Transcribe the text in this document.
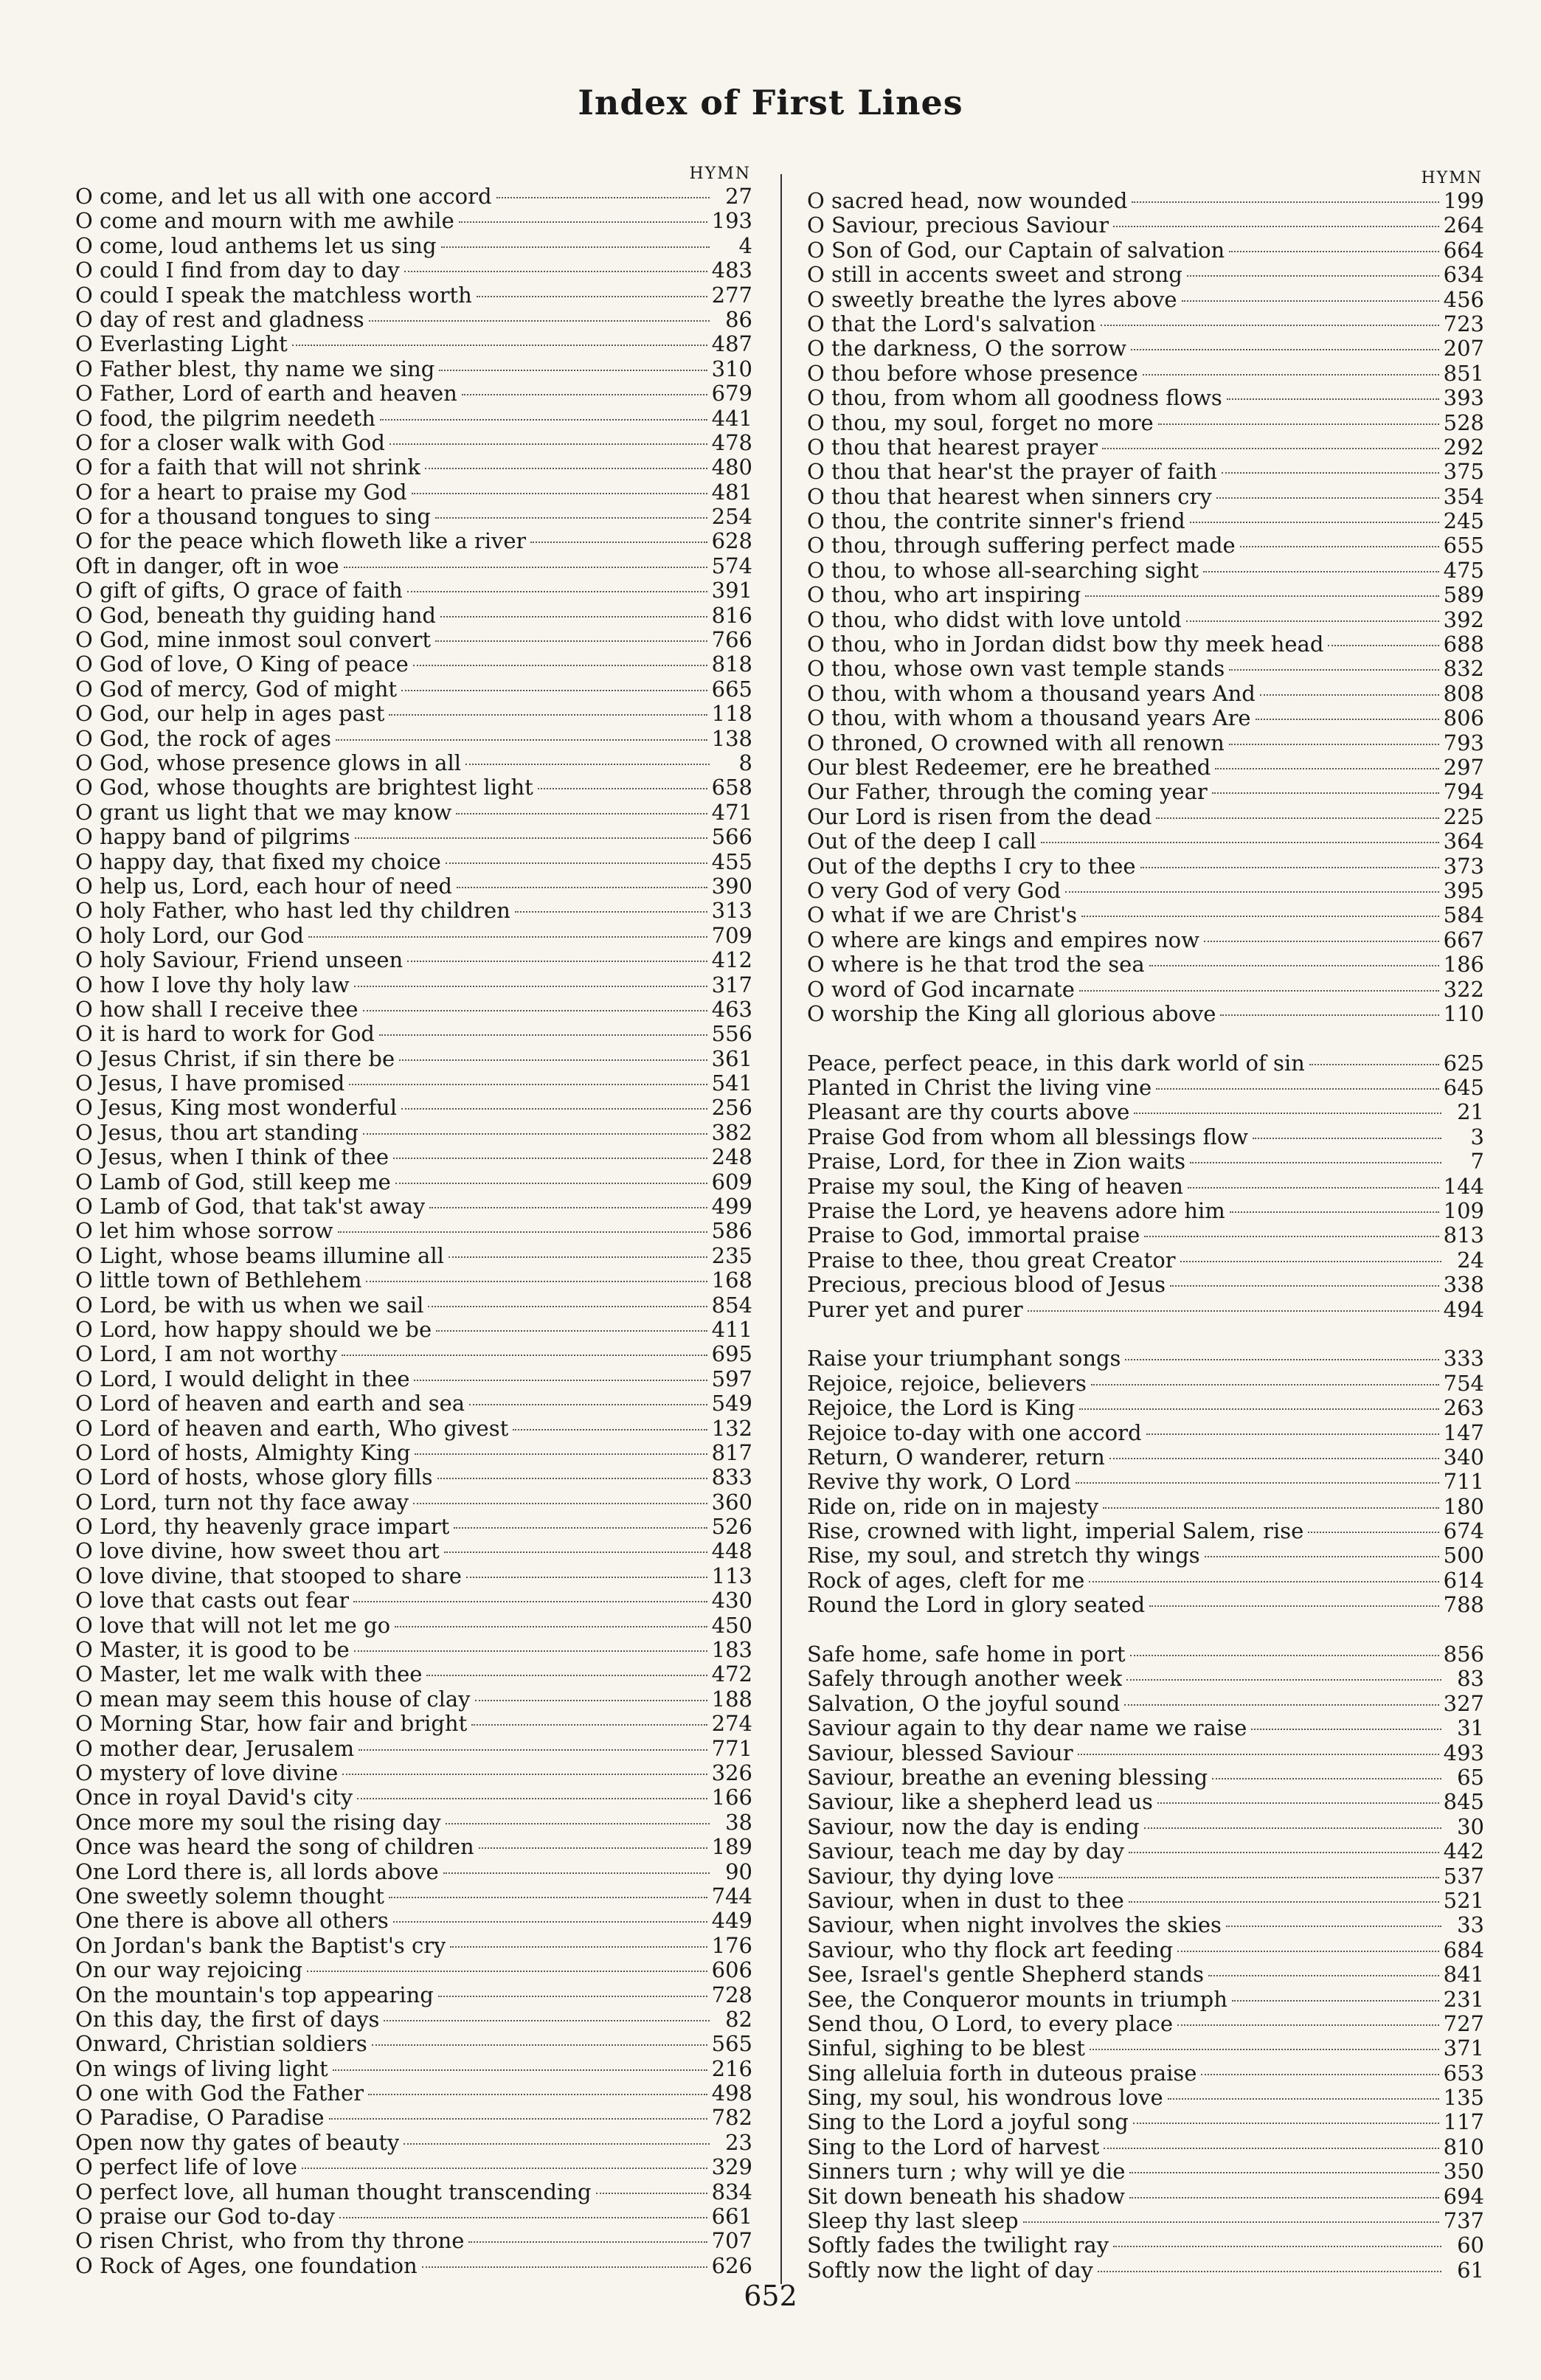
Index of First Lines
HYMN
O come, and let us all with one accord	27
O come and mourn with me awhile	193
O come, loud anthems let us sing	4
O could I find from day to day	483
O could I speak the matchless worth	277
O day of rest and gladness	86
O Everlasting Light	487
O Father blest, thy name we sing	310
O Father, Lord of earth and heaven	679
O food, the pilgrim needeth	441
O for a closer walk with God	478
O for a faith that will not shrink	480
O for a heart to praise my God	481
O for a thousand tongues to sing	254
O for the peace which floweth like a river	628
Oft in danger, oft in woe	574
O gift of gifts, O grace of faith	391
O God, beneath thy guiding hand	816
O God, mine inmost soul convert	766
O God of love, O King of peace	818
O God of mercy, God of might	665
O God, our help in ages past	118
O God, the rock of ages	138
O God, whose presence glows in all	8
O God, whose thoughts are brightest light	658
O grant us light that we may know	471
O happy band of pilgrims	566
O happy day, that fixed my choice	455
O help us, Lord, each hour of need	390
O holy Father, who hast led thy children	313
O holy Lord, our God	709
O holy Saviour, Friend unseen	412
O how I love thy holy law	317
O how shall I receive thee	463
O it is hard to work for God	556
O Jesus Christ, if sin there be	361
O Jesus, I have promised	541
O Jesus, King most wonderful	256
O Jesus, thou art standing	382
O Jesus, when I think of thee	248
O Lamb of God, still keep me	609
O Lamb of God, that tak'st away	499
O let him whose sorrow	586
O Light, whose beams illumine all	235
O little town of Bethlehem	168
O Lord, be with us when we sail	854
O Lord, how happy should we be	411
O Lord, I am not worthy	695
O Lord, I would delight in thee	597
O Lord of heaven and earth and sea	549
O Lord of heaven and earth, Who givest	132
O Lord of hosts, Almighty King	817
O Lord of hosts, whose glory fills	833
O Lord, turn not thy face away	360
O Lord, thy heavenly grace impart	526
O love divine, how sweet thou art	448
O love divine, that stooped to share	113
O love that casts out fear	430
O love that will not let me go	450
O Master, it is good to be	183
O Master, let me walk with thee	472
O mean may seem this house of clay	188
O Morning Star, how fair and bright	274
O mother dear, Jerusalem	771
O mystery of love divine	326
Once in royal David's city	166
Once more my soul the rising day	38
Once was heard the song of children	189
One Lord there is, all lords above	90
One sweetly solemn thought	744
One there is above all others	449
On Jordan's bank the Baptist's cry	176
On our way rejoicing	606
On the mountain's top appearing	728
On this day, the first of days	82
Onward, Christian soldiers	565
On wings of living light	216
O one with God the Father	498
O Paradise, O Paradise	782
Open now thy gates of beauty	23
O perfect life of love	329
O perfect love, all human thought transcending	834
O praise our God to-day	661
O risen Christ, who from thy throne	707
O Rock of Ages, one foundation	626
HYMN
O sacred head, now wounded	199
O Saviour, precious Saviour	264
O Son of God, our Captain of salvation	664
O still in accents sweet and strong	634
O sweetly breathe the lyres above	456
O that the Lord's salvation	723
O the darkness, O the sorrow	207
O thou before whose presence	851
O thou, from whom all goodness flows	393
O thou, my soul, forget no more	528
O thou that hearest prayer	292
O thou that hear'st the prayer of faith	375
O thou that hearest when sinners cry	354
O thou, the contrite sinner's friend	245
O thou, through suffering perfect made	655
O thou, to whose all-searching sight	475
O thou, who art inspiring	589
O thou, who didst with love untold	392
O thou, who in Jordan didst bow thy meek head	688
O thou, whose own vast temple stands	832
O thou, with whom a thousand years And	808
O thou, with whom a thousand years Are	806
O throned, O crowned with all renown	793
Our blest Redeemer, ere he breathed	297
Our Father, through the coming year	794
Our Lord is risen from the dead	225
Out of the deep I call	364
Out of the depths I cry to thee	373
O very God of very God	395
O what if we are Christ's	584
O where are kings and empires now	667
O where is he that trod the sea	186
O word of God incarnate	322
O worship the King all glorious above	110
Peace, perfect peace, in this dark world of sin	625
Planted in Christ the living vine	645
Pleasant are thy courts above	21
Praise God from whom all blessings flow	3
Praise, Lord, for thee in Zion waits	7
Praise my soul, the King of heaven	144
Praise the Lord, ye heavens adore him	109
Praise to God, immortal praise	813
Praise to thee, thou great Creator	24
Precious, precious blood of Jesus	338
Purer yet and purer	494
Raise your triumphant songs	333
Rejoice, rejoice, believers	754
Rejoice, the Lord is King	263
Rejoice to-day with one accord	147
Return, O wanderer, return	340
Revive thy work, O Lord	711
Ride on, ride on in majesty	180
Rise, crowned with light, imperial Salem, rise	674
Rise, my soul, and stretch thy wings	500
Rock of ages, cleft for me	614
Round the Lord in glory seated	788
Safe home, safe home in port	856
Safely through another week	83
Salvation, O the joyful sound	327
Saviour again to thy dear name we raise	31
Saviour, blessed Saviour	493
Saviour, breathe an evening blessing	65
Saviour, like a shepherd lead us	845
Saviour, now the day is ending	30
Saviour, teach me day by day	442
Saviour, thy dying love	537
Saviour, when in dust to thee	521
Saviour, when night involves the skies	33
Saviour, who thy flock art feeding	684
See, Israel's gentle Shepherd stands	841
See, the Conqueror mounts in triumph	231
Send thou, O Lord, to every place	727
Sinful, sighing to be blest	371
Sing alleluia forth in duteous praise	653
Sing, my soul, his wondrous love	135
Sing to the Lord a joyful song	117
Sing to the Lord of harvest	810
Sinners turn ; why will ye die	350
Sit down beneath his shadow	694
Sleep thy last sleep	737
Softly fades the twilight ray	60
Softly now the light of day	61
652
